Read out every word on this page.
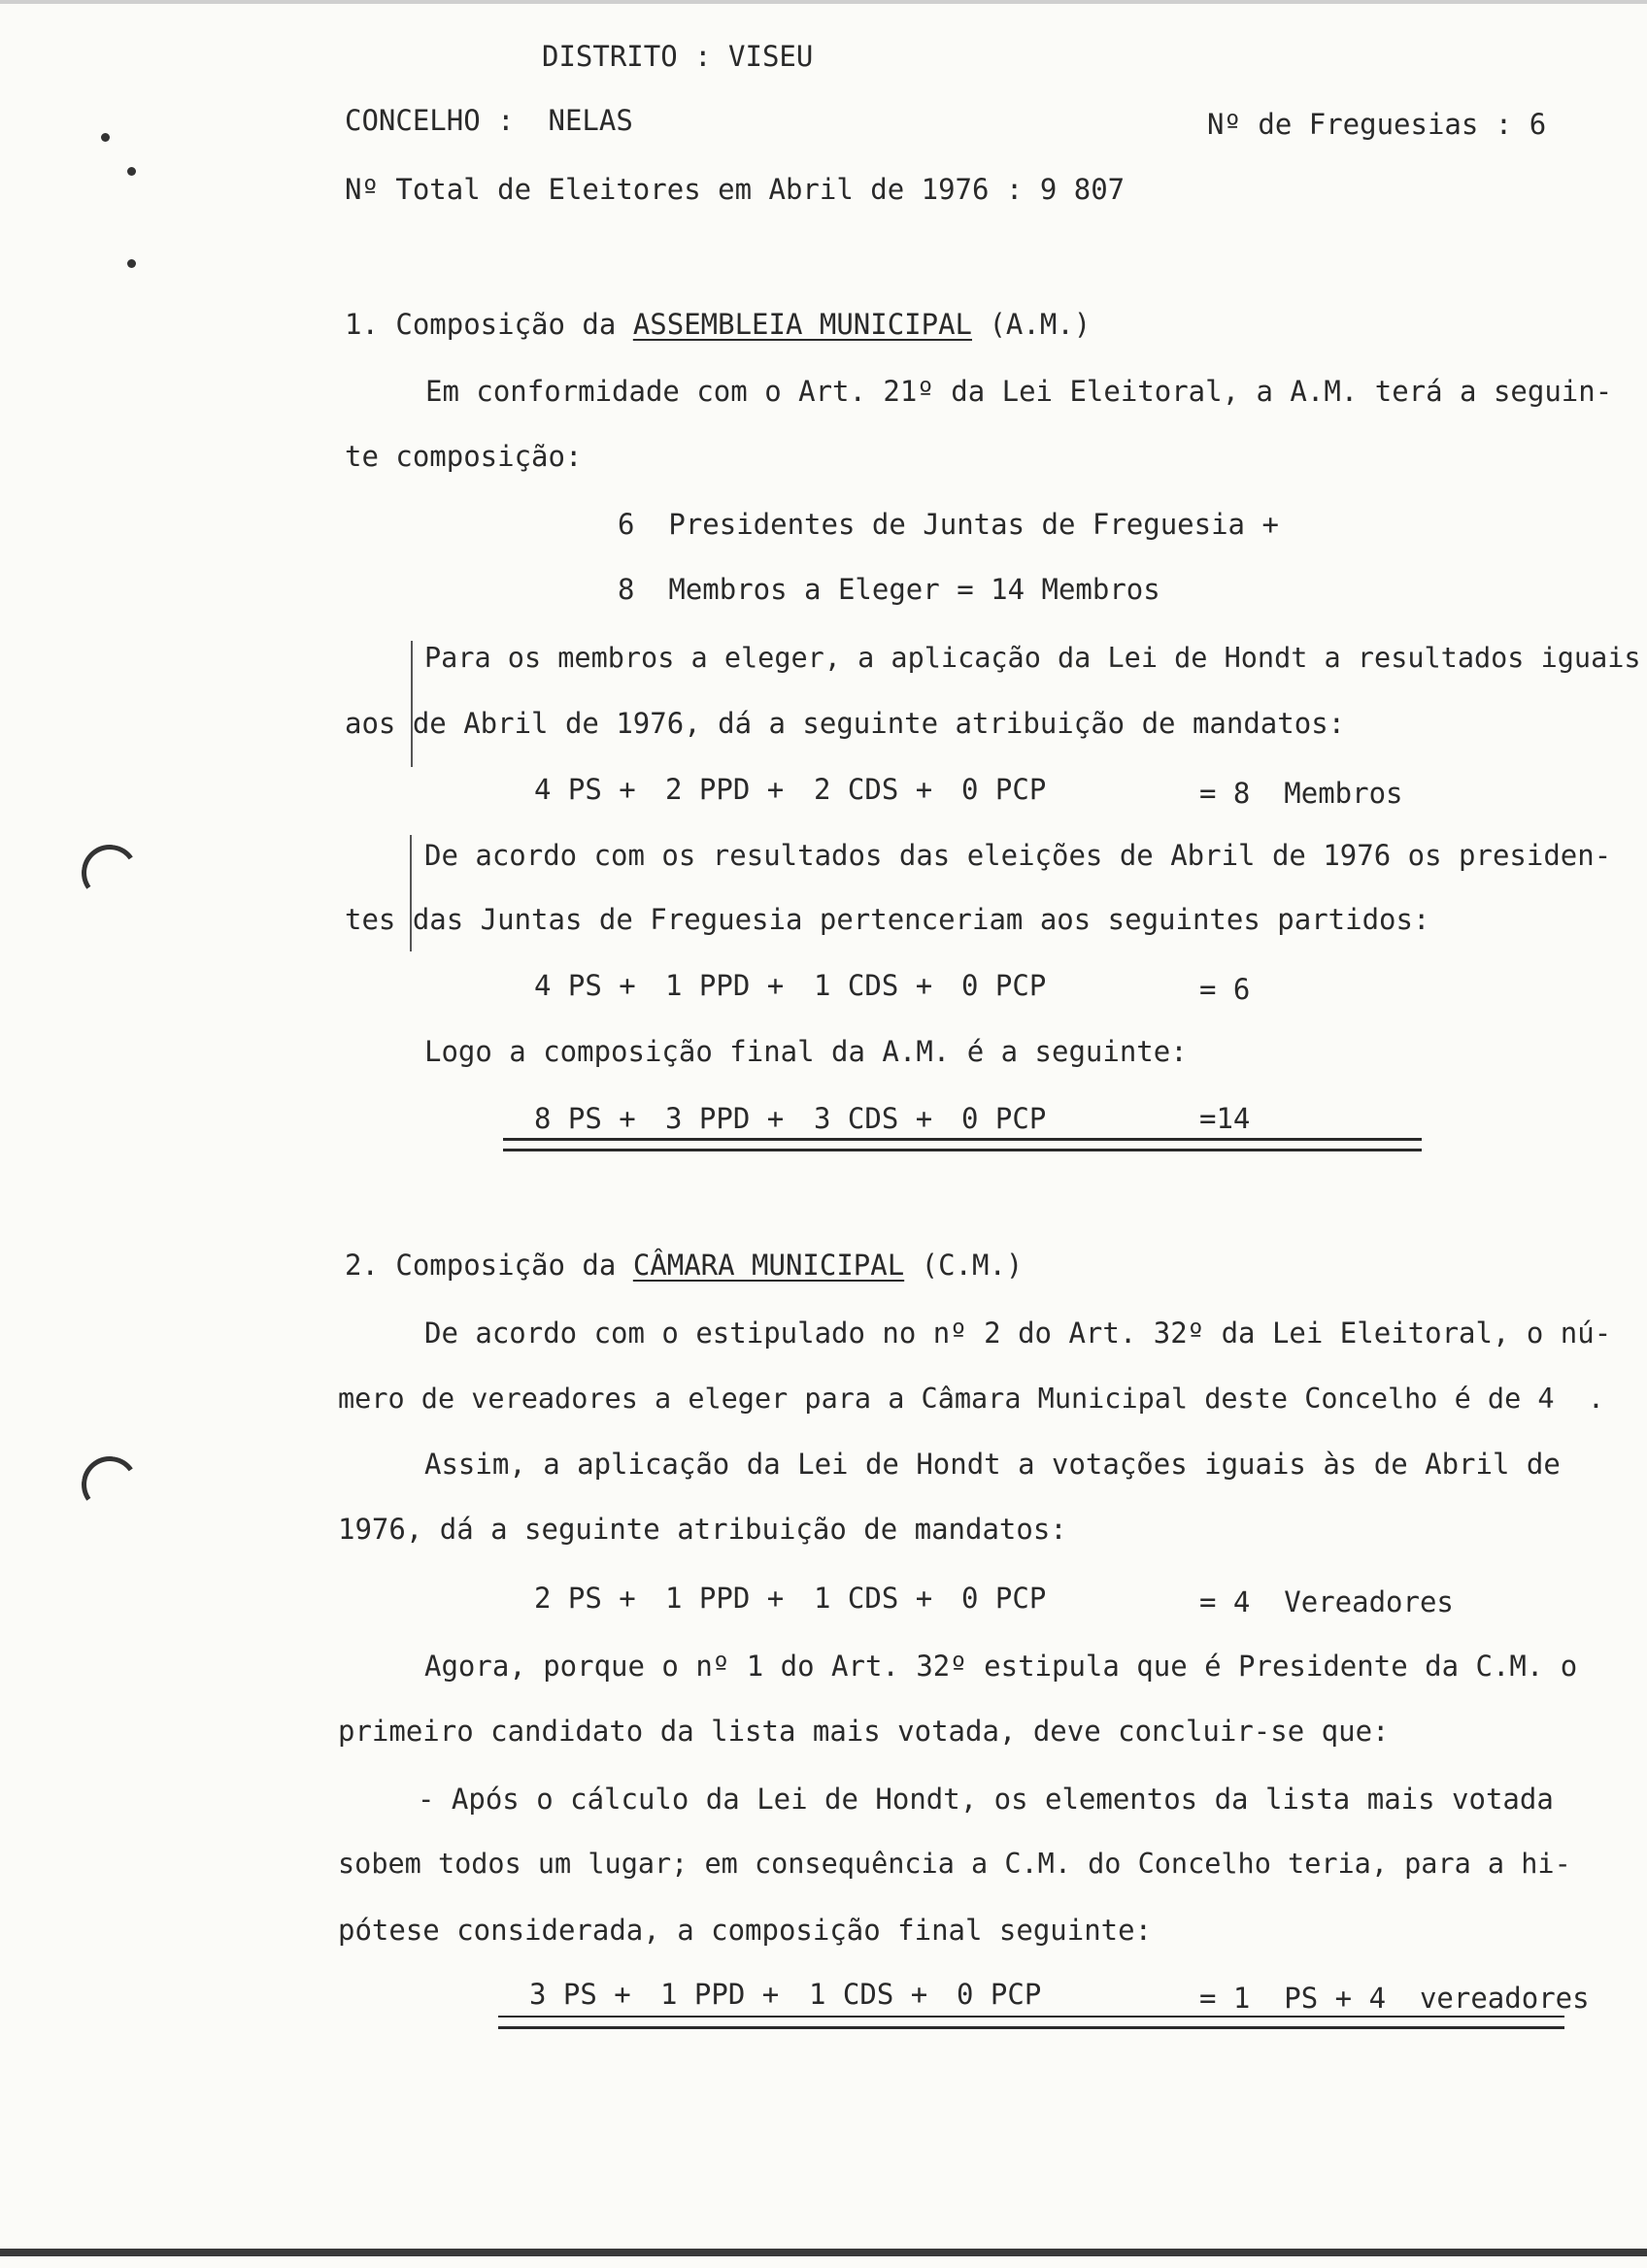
DISTRITO : VISEU
CONCELHO :  NELAS	Nº de Freguesias : 6
Nº Total de Eleitores em Abril de 1976 : 9 807
1. Composição da ASSEMBLEIA MUNICIPAL (A.M.)
Em conformidade com o Art. 21º da Lei Eleitoral, a A.M. terá a seguin-
te composição:
6  Presidentes de Juntas de Freguesia +
8  Membros a Eleger = 14 Membros
Para os membros a eleger, a aplicação da Lei de Hondt a resultados iguais
aos de Abril de 1976, dá a seguinte atribuição de mandatos:
4 PS + 2 PPD + 2 CDS + 0 PCP	= 8  Membros
De acordo com os resultados das eleições de Abril de 1976 os presiden-
tes das Juntas de Freguesia pertenceriam aos seguintes partidos:
4 PS + 1 PPD + 1 CDS + 0 PCP	= 6
Logo a composição final da A.M. é a seguinte:
8 PS + 3 PPD + 3 CDS + 0 PCP	=14
2. Composição da CÂMARA MUNICIPAL (C.M.)
De acordo com o estipulado no nº 2 do Art. 32º da Lei Eleitoral, o nú-
mero de vereadores a eleger para a Câmara Municipal deste Concelho é de 4  .
Assim, a aplicação da Lei de Hondt a votações iguais às de Abril de
1976, dá a seguinte atribuição de mandatos:
2 PS + 1 PPD + 1 CDS + 0 PCP	= 4  Vereadores
Agora, porque o nº 1 do Art. 32º estipula que é Presidente da C.M. o
primeiro candidato da lista mais votada, deve concluir-se que:
- Após o cálculo da Lei de Hondt, os elementos da lista mais votada
sobem todos um lugar; em consequência a C.M. do Concelho teria, para a hi-
pótese considerada, a composição final seguinte:
3 PS + 1 PPD + 1 CDS + 0 PCP	= 1  PS + 4  vereadores
